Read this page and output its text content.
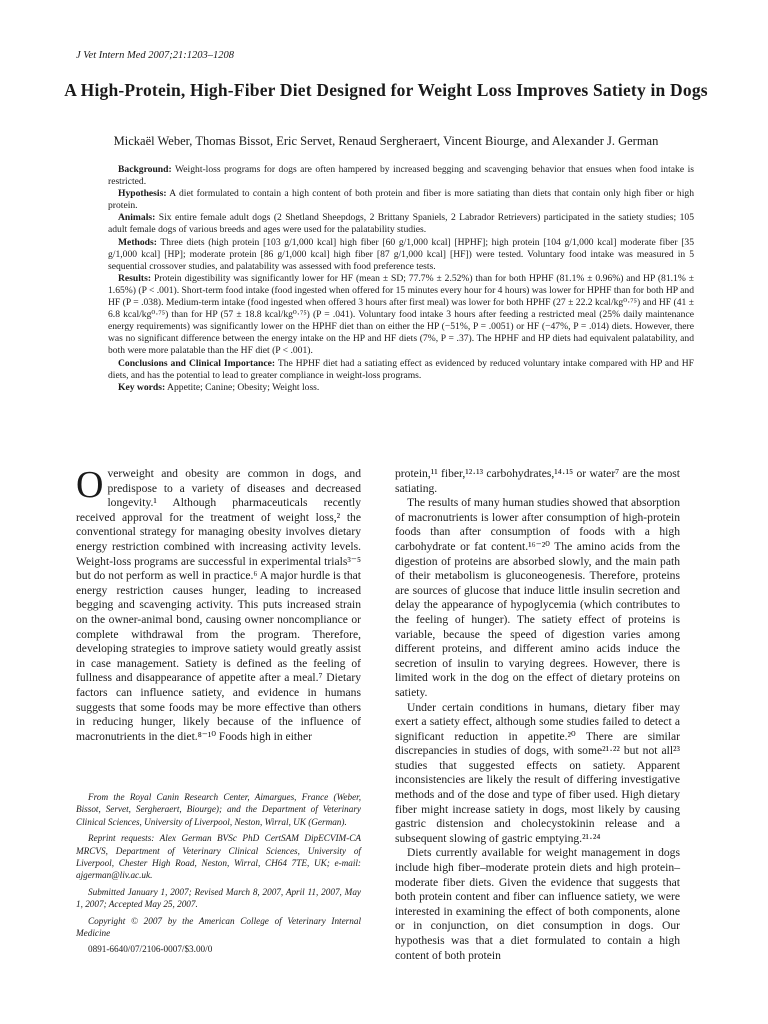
J Vet Intern Med 2007;21:1203–1208
A High-Protein, High-Fiber Diet Designed for Weight Loss Improves Satiety in Dogs
Mickaël Weber, Thomas Bissot, Eric Servet, Renaud Sergheraert, Vincent Biourge, and Alexander J. German

Background: Weight-loss programs for dogs are often hampered by increased begging and scavenging behavior that ensues when food intake is restricted.

Hypothesis: A diet formulated to contain a high content of both protein and fiber is more satiating than diets that contain only high fiber or high protein.

Animals: Six entire female adult dogs (2 Shetland Sheepdogs, 2 Brittany Spaniels, 2 Labrador Retrievers) participated in the satiety studies; 105 adult female dogs of various breeds and ages were used for the palatability studies.

Methods: Three diets (high protein [103 g/1,000 kcal] high fiber [60 g/1,000 kcal] [HPHF]; high protein [104 g/1,000 kcal] moderate fiber [35 g/1,000 kcal] [HP]; moderate protein [86 g/1,000 kcal] high fiber [87 g/1,000 kcal] [HF]) were tested. Voluntary food intake was measured in 5 sequential crossover studies, and palatability was assessed with food preference tests.

Results: Protein digestibility was significantly lower for HF (mean ± SD; 77.7% ± 2.52%) than for both HPHF (81.1% ± 0.96%) and HP (81.1% ± 1.65%) (P < .001). Short-term food intake (food ingested when offered for 15 minutes every hour for 4 hours) was lower for HPHF than for both HP and HF (P = .038). Medium-term intake (food ingested when offered 3 hours after first meal) was lower for both HPHF (27 ± 22.2 kcal/kg⁰·⁷⁵) and HF (41 ± 6.8 kcal/kg⁰·⁷⁵) than for HP (57 ± 18.8 kcal/kg⁰·⁷⁵) (P = .041). Voluntary food intake 3 hours after feeding a restricted meal (25% daily maintenance energy requirements) was significantly lower on the HPHF diet than on either the HP (−51%, P = .0051) or HF (−47%, P = .014) diets. However, there was no significant difference between the energy intake on the HP and HF diets (7%, P = .37). The HPHF and HP diets had equivalent palatability, and both were more palatable than the HF diet (P < .001).

Conclusions and Clinical Importance: The HPHF diet had a satiating effect as evidenced by reduced voluntary intake compared with HP and HF diets, and has the potential to lead to greater compliance in weight-loss programs.

Key words: Appetite; Canine; Obesity; Weight loss.

Overweight and obesity are common in dogs, and predispose to a variety of diseases and decreased longevity.¹ Although pharmaceuticals recently received approval for the treatment of weight loss,² the conventional strategy for managing obesity involves dietary energy restriction combined with increasing activity levels. Weight-loss programs are successful in experimental trials³⁻⁵ but do not perform as well in practice.⁶ A major hurdle is that energy restriction causes hunger, leading to increased begging and scavenging activity. This puts increased strain on the owner-animal bond, causing owner noncompliance or complete withdrawal from the program. Therefore, developing strategies to improve satiety would greatly assist in case management. Satiety is defined as the feeling of fullness and disappearance of appetite after a meal.⁷ Dietary factors can influence satiety, and evidence in humans suggests that some foods may be more effective than others in reducing hunger, likely because of the influence of macronutrients in the diet.⁸⁻¹⁰ Foods high in either

From the Royal Canin Research Center, Aimargues, France (Weber, Bissot, Servet, Sergheraert, Biourge); and the Department of Veterinary Clinical Sciences, University of Liverpool, Neston, Wirral, UK (German).

Reprint requests: Alex German BVSc PhD CertSAM DipECVIM-CA MRCVS, Department of Veterinary Clinical Sciences, University of Liverpool, Chester High Road, Neston, Wirral, CH64 7TE, UK; e-mail: ajgerman@liv.ac.uk.

Submitted January 1, 2007; Revised March 8, 2007, April 11, 2007, May 1, 2007; Accepted May 25, 2007.

Copyright © 2007 by the American College of Veterinary Internal Medicine

0891-6640/07/2106-0007/$3.00/0

protein,¹¹ fiber,¹²·¹³ carbohydrates,¹⁴·¹⁵ or water⁷ are the most satiating.

The results of many human studies showed that absorption of macronutrients is lower after consumption of high-protein foods than after consumption of foods with a high carbohydrate or fat content.¹⁶⁻²⁰ The amino acids from the digestion of proteins are absorbed slowly, and the main path of their metabolism is gluconeogenesis. Therefore, proteins are sources of glucose that induce little insulin secretion and delay the appearance of hypoglycemia (which contributes to the feeling of hunger). The satiety effect of proteins is variable, because the speed of digestion varies among different proteins, and different amino acids induce the secretion of insulin to varying degrees. However, there is limited work in the dog on the effect of dietary proteins on satiety.

Under certain conditions in humans, dietary fiber may exert a satiety effect, although some studies failed to detect a significant reduction in appetite.²⁰ There are similar discrepancies in studies of dogs, with some²¹·²² but not all²³ studies that suggested effects on satiety. Apparent inconsistencies are likely the result of differing investigative methods and of the dose and type of fiber used. High dietary fiber might increase satiety in dogs, most likely by causing gastric distension and cholecystokinin release and a subsequent slowing of gastric emptying.²¹·²⁴

Diets currently available for weight management in dogs include high fiber–moderate protein diets and high protein–moderate fiber diets. Given the evidence that suggests that both protein content and fiber can influence satiety, we were interested in examining the effect of both components, alone or in conjunction, on diet consumption in dogs. Our hypothesis was that a diet formulated to contain a high content of both protein
